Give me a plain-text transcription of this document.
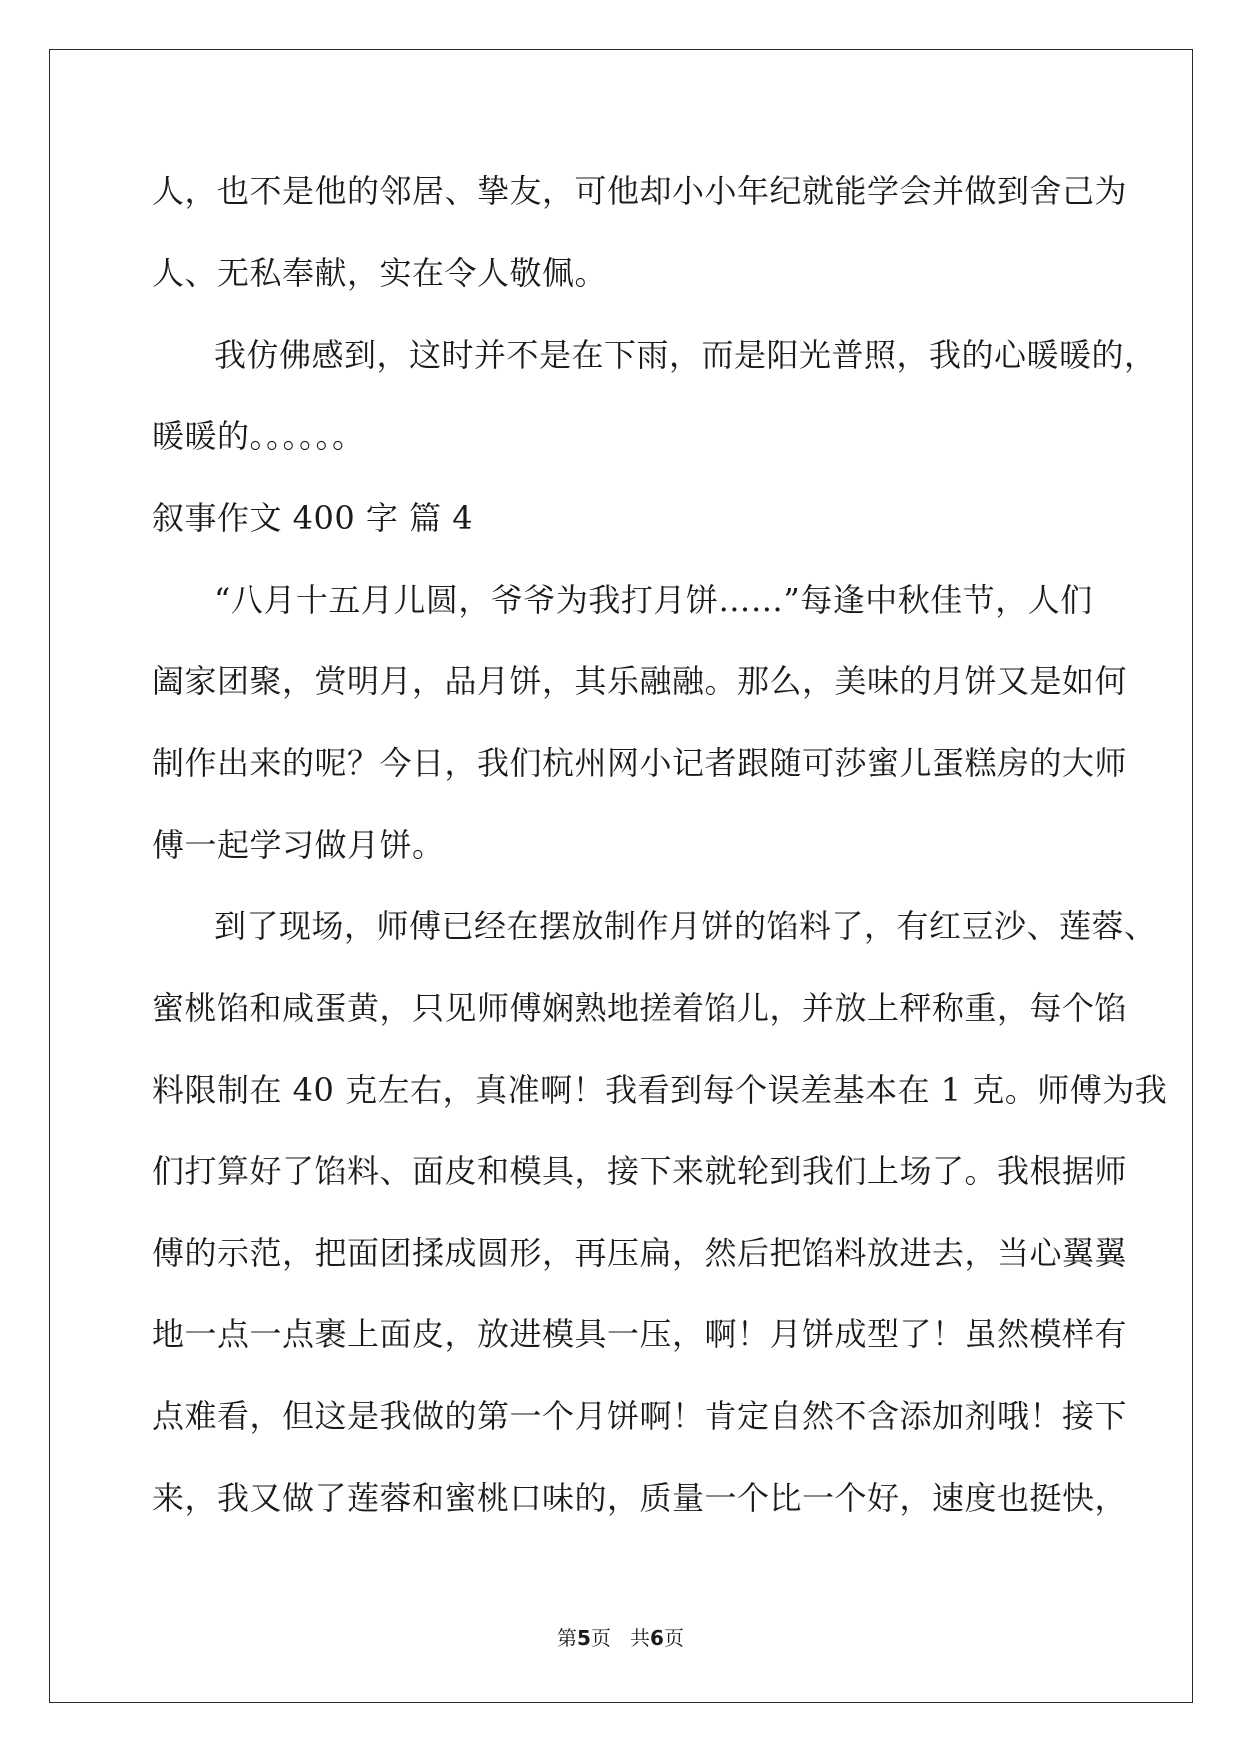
人，也不是他的邻居、挚友，可他却小小年纪就能学会并做到舍己为
人、无私奉献，实在令人敬佩。
我仿佛感到，这时并不是在下雨，而是阳光普照，我的心暖暖的，
暖暖的。。。。。。
叙事作文 400 字 篇 4
“八月十五月儿圆，爷爷为我打月饼……”每逢中秋佳节，人们
阖家团聚，赏明月，品月饼，其乐融融。那么，美味的月饼又是如何
制作出来的呢？今日，我们杭州网小记者跟随可莎蜜儿蛋糕房的大师
傅一起学习做月饼。
到了现场，师傅已经在摆放制作月饼的馅料了，有红豆沙、莲蓉、
蜜桃馅和咸蛋黄，只见师傅娴熟地搓着馅儿，并放上秤称重，每个馅
料限制在 40 克左右，真准啊！我看到每个误差基本在 1 克。师傅为我
们打算好了馅料、面皮和模具，接下来就轮到我们上场了。我根据师
傅的示范，把面团揉成圆形，再压扁，然后把馅料放进去，当心翼翼
地一点一点裹上面皮，放进模具一压，啊！月饼成型了！虽然模样有
点难看，但这是我做的第一个月饼啊！肯定自然不含添加剂哦！接下
来，我又做了莲蓉和蜜桃口味的，质量一个比一个好，速度也挺快，
第5页   共6页
